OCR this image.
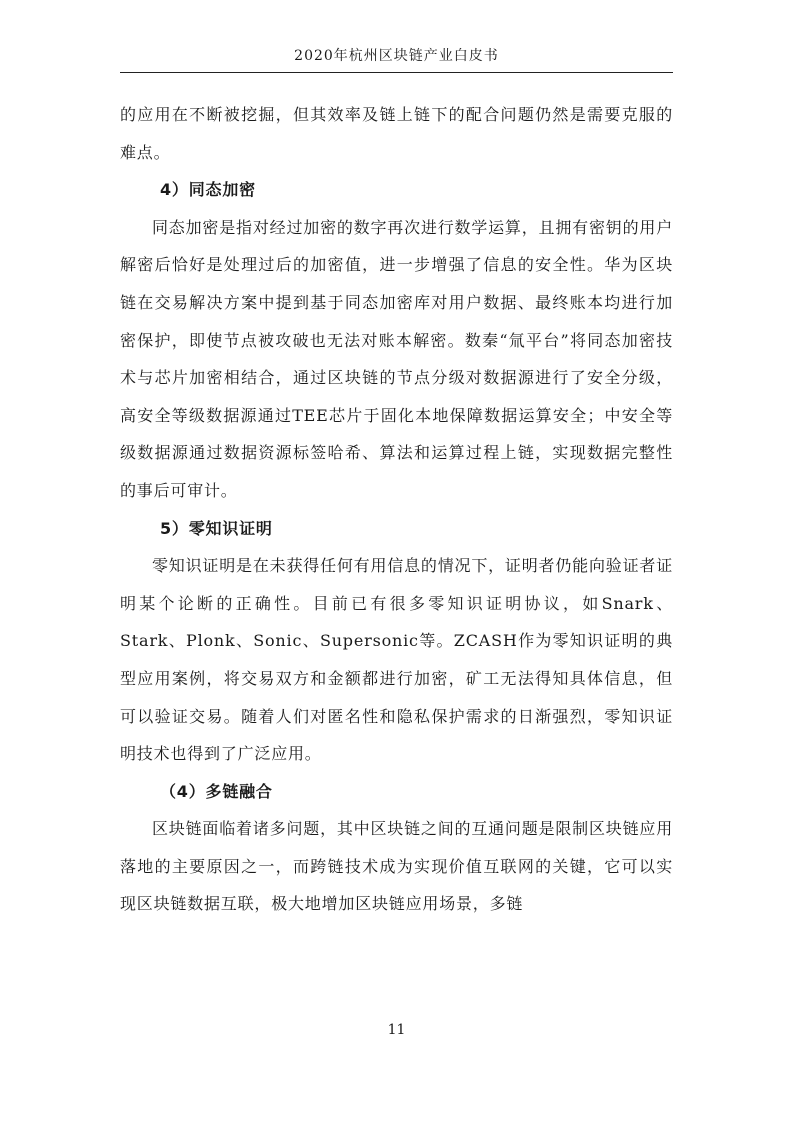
2020年杭州区块链产业白皮书

的应用在不断被挖掘，但其效率及链上链下的配合问题仍然是需要克服的难点。

4）同态加密

同态加密是指对经过加密的数字再次进行数学运算，且拥有密钥的用户解密后恰好是处理过后的加密值，进一步增强了信息的安全性。华为区块链在交易解决方案中提到基于同态加密库对用户数据、最终账本均进行加密保护，即使节点被攻破也无法对账本解密。数秦“氚平台”将同态加密技术与芯片加密相结合，通过区块链的节点分级对数据源进行了安全分级，高安全等级数据源通过TEE芯片于固化本地保障数据运算安全；中安全等级数据源通过数据资源标签哈希、算法和运算过程上链，实现数据完整性的事后可审计。

5）零知识证明

零知识证明是在未获得任何有用信息的情况下，证明者仍能向验证者证明某个论断的正确性。目前已有很多零知识证明协议，如Snark、Stark、Plonk、Sonic、Supersonic等。ZCASH作为零知识证明的典型应用案例，将交易双方和金额都进行加密，矿工无法得知具体信息，但可以验证交易。随着人们对匿名性和隐私保护需求的日渐强烈，零知识证明技术也得到了广泛应用。

（4）多链融合

区块链面临着诸多问题，其中区块链之间的互通问题是限制区块链应用落地的主要原因之一，而跨链技术成为实现价值互联网的关键，它可以实现区块链数据互联，极大地增加区块链应用场景，多链

11
